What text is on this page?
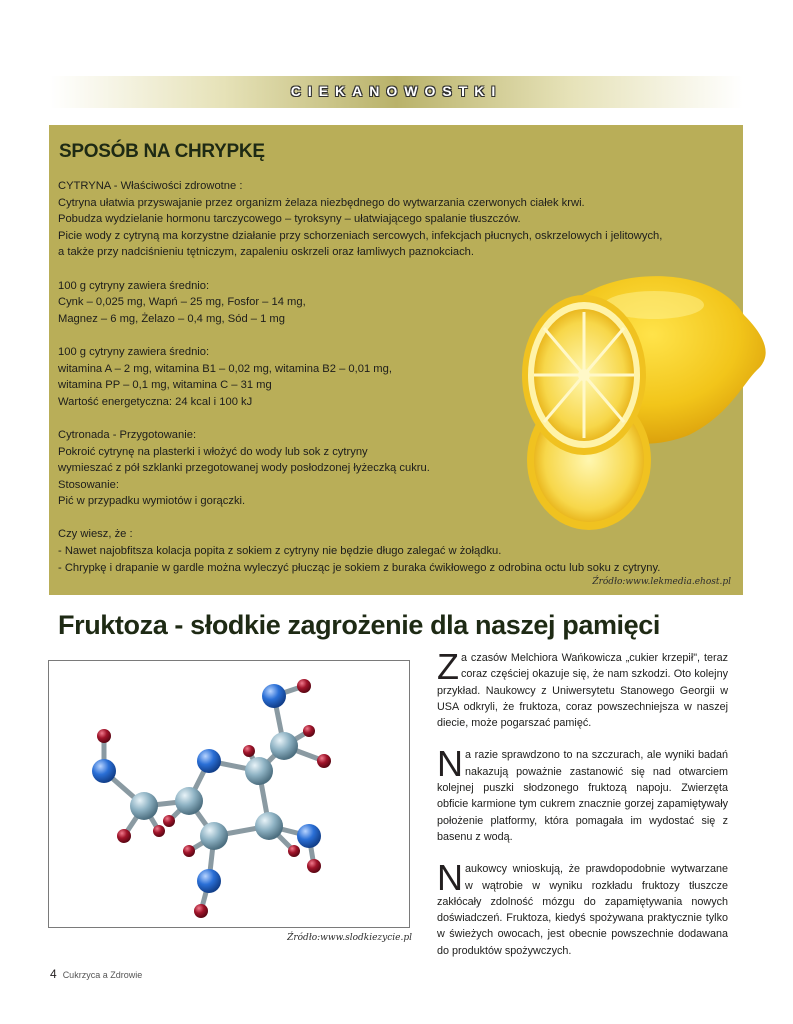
CIEKANOWOSTKI
SPOSÓB NA CHRYPKĘ

CYTRYNA - Właściwości zdrowotne :

Cytryna ułatwia przyswajanie przez organizm żelaza niezbędnego do wytwarzania czerwonych ciałek krwi.

Pobudza wydzielanie hormonu tarczycowego – tyroksyny – ułatwiającego spalanie tłuszczów.

Picie wody z cytryną ma korzystne działanie przy schorzeniach sercowych, infekcjach płucnych, oskrzelowych i jelitowych,

a także przy nadciśnieniu tętniczym, zapaleniu oskrzeli oraz łamliwych paznokciach.

100 g cytryny zawiera średnio:

Cynk – 0,025 mg, Wapń – 25 mg, Fosfor – 14 mg,

Magnez – 6 mg, Żelazo – 0,4 mg, Sód – 1 mg

100 g cytryny zawiera średnio:

witamina A – 2 mg, witamina B1 – 0,02 mg, witamina B2 – 0,01 mg,

witamina PP – 0,1 mg, witamina C – 31 mg

Wartość energetyczna: 24 kcal i 100 kJ

Cytronada - Przygotowanie:

Pokroić cytrynę na plasterki i włożyć do wody lub sok z cytryny

wymieszać z pół szklanki przegotowanej wody posłodzonej łyżeczką cukru.

Stosowanie:

Pić w przypadku wymiotów i gorączki.

Czy wiesz, że :

- Nawet najobfitsza kolacja popita z sokiem z cytryny nie będzie długo zalegać w żołądku.

- Chrypkę i drapanie w gardle można wyleczyć płucząc je sokiem z buraka ćwikłowego z odrobina octu lub soku z cytryny.

Źródło:www.lekmedia.ehost.pl
Fruktoza - słodkie zagrożenie dla naszej pamięci
Źródło:www.slodkiezycie.pl

Za czasów Melchiora Wańkowicza „cukier krzepił", teraz coraz częściej okazuje się, że nam szkodzi. Oto kolejny przykład. Naukowcy z Uniwersytetu Stanowego Georgii w USA odkryli, że fruktoza, coraz powszechniejsza w naszej diecie, może pogarszać pamięć.

Na razie sprawdzono to na szczurach, ale wyniki badań nakazują poważnie zastanowić się nad otwarciem kolejnej puszki słodzonego fruktozą napoju. Zwierzęta obficie karmione tym cukrem znacznie gorzej zapamiętywały położenie platformy, która pomagała im wydostać się z basenu z wodą.

Naukowcy wnioskują, że prawdopodobnie wytwarzane w wątrobie w wyniku rozkładu fruktozy tłuszcze zakłócały zdolność mózgu do zapamiętywania nowych doświadczeń. Fruktoza, kiedyś spożywana praktycznie tylko w świeżych owocach, jest obecnie powszechnie dodawana do produktów spożywczych.

4 Cukrzyca a Zdrowie
